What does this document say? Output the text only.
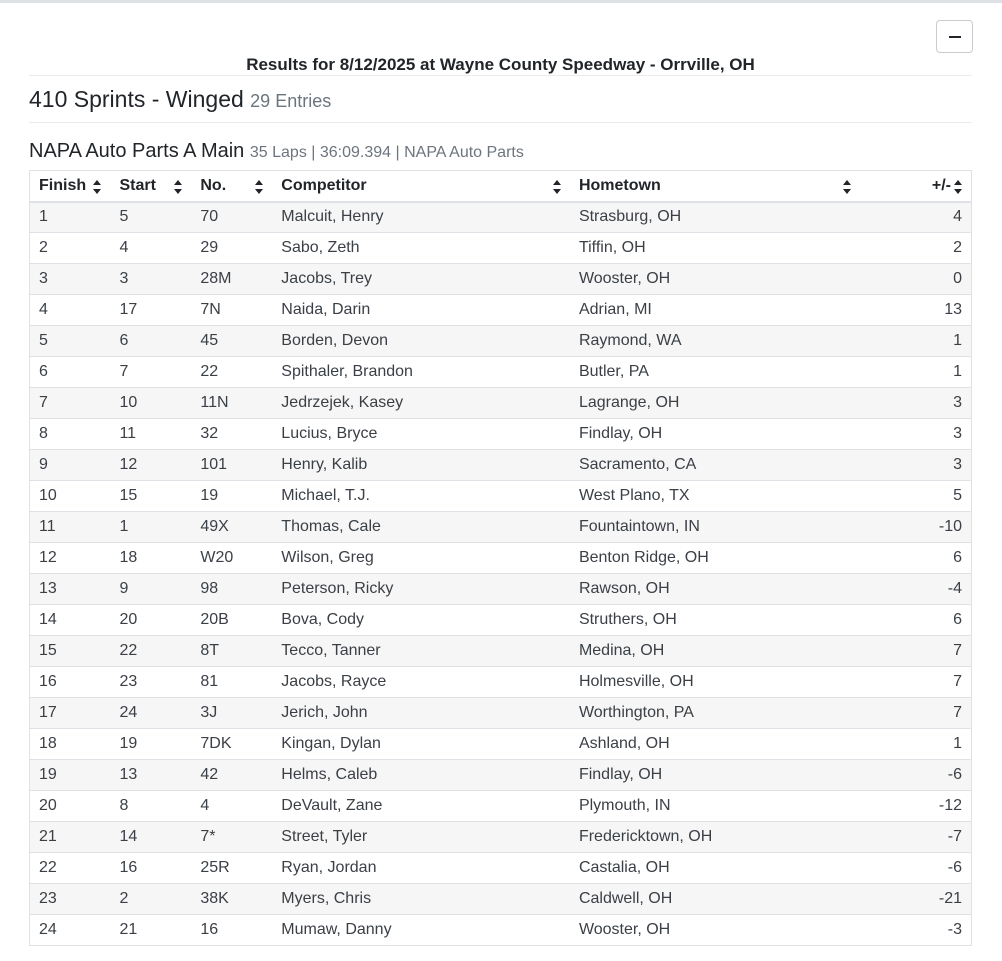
Results for 8/12/2025 at Wayne County Speedway - Orrville, OH
410 Sprints - Winged 29 Entries
NAPA Auto Parts A Main 35 Laps | 36:09.394 | NAPA Auto Parts
Finish	Start	No.	Competitor	Hometown	+/-

1	5	70	Malcuit, Henry	Strasburg, OH	4
2	4	29	Sabo, Zeth	Tiffin, OH	2
3	3	28M	Jacobs, Trey	Wooster, OH	0
4	17	7N	Naida, Darin	Adrian, MI	13
5	6	45	Borden, Devon	Raymond, WA	1
6	7	22	Spithaler, Brandon	Butler, PA	1
7	10	11N	Jedrzejek, Kasey	Lagrange, OH	3
8	11	32	Lucius, Bryce	Findlay, OH	3
9	12	101	Henry, Kalib	Sacramento, CA	3
10	15	19	Michael, T.J.	West Plano, TX	5
11	1	49X	Thomas, Cale	Fountaintown, IN	-10
12	18	W20	Wilson, Greg	Benton Ridge, OH	6
13	9	98	Peterson, Ricky	Rawson, OH	-4
14	20	20B	Bova, Cody	Struthers, OH	6
15	22	8T	Tecco, Tanner	Medina, OH	7
16	23	81	Jacobs, Rayce	Holmesville, OH	7
17	24	3J	Jerich, John	Worthington, PA	7
18	19	7DK	Kingan, Dylan	Ashland, OH	1
19	13	42	Helms, Caleb	Findlay, OH	-6
20	8	4	DeVault, Zane	Plymouth, IN	-12
21	14	7*	Street, Tyler	Fredericktown, OH	-7
22	16	25R	Ryan, Jordan	Castalia, OH	-6
23	2	38K	Myers, Chris	Caldwell, OH	-21
24	21	16	Mumaw, Danny	Wooster, OH	-3
